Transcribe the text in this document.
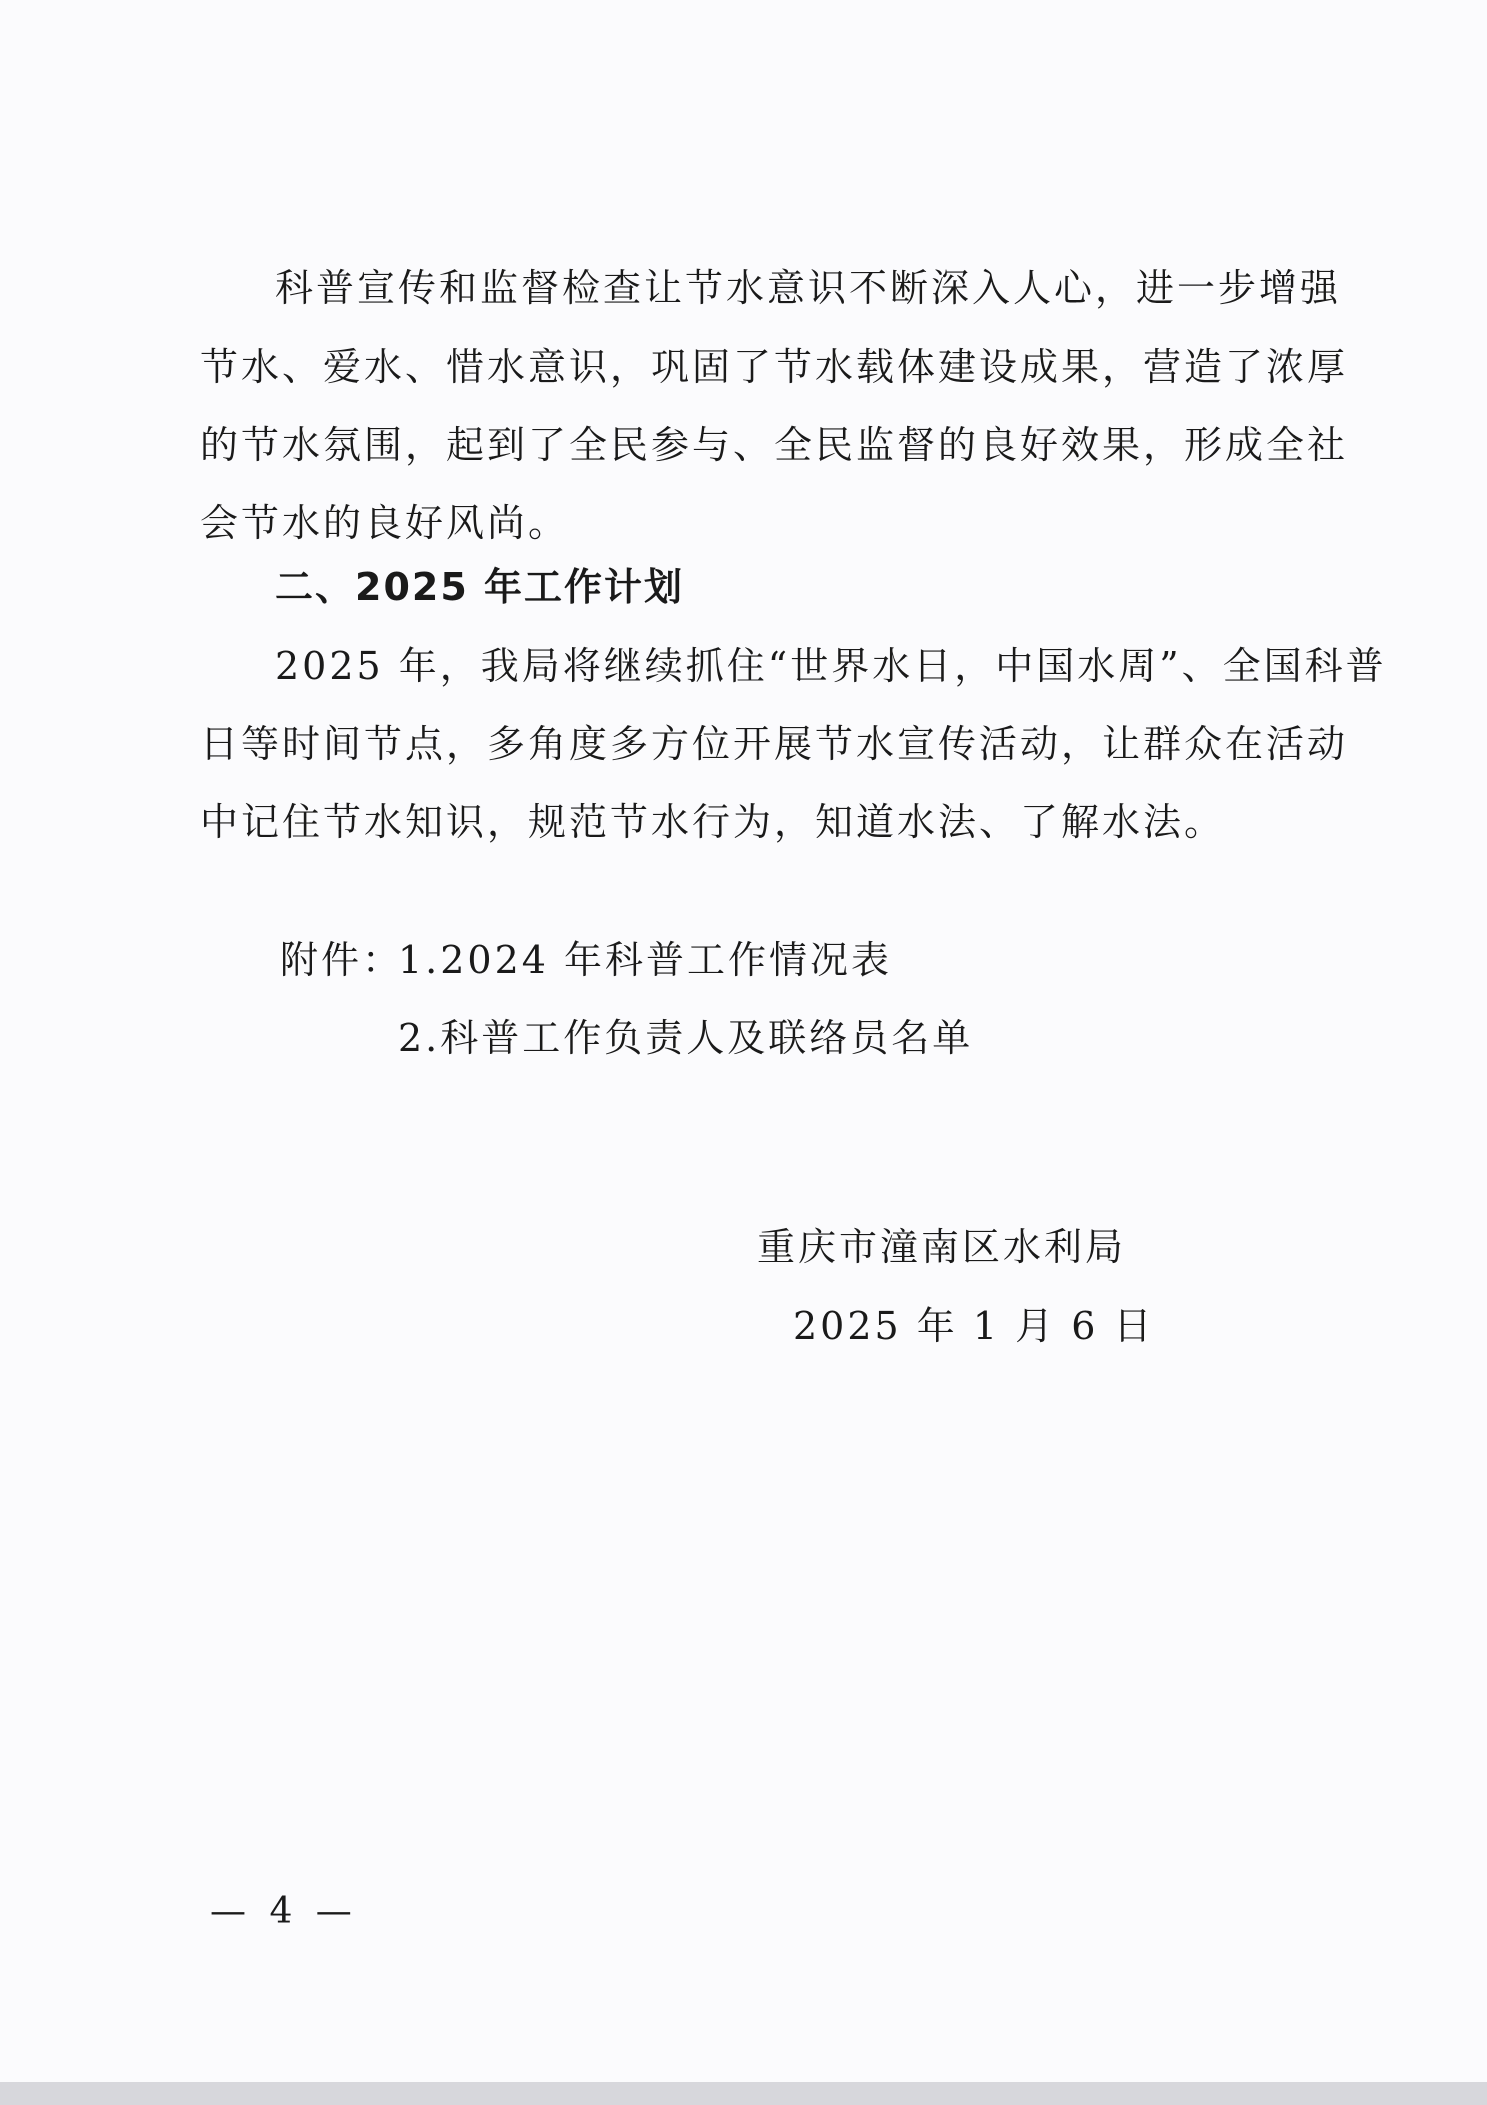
科普宣传和监督检查让节水意识不断深入人心，进一步增强
节水、爱水、惜水意识，巩固了节水载体建设成果，营造了浓厚
的节水氛围，起到了全民参与、全民监督的良好效果，形成全社
会节水的良好风尚。
二、2025 年工作计划
2025 年，我局将继续抓住“世界水日，中国水周”、全国科普
日等时间节点，多角度多方位开展节水宣传活动，让群众在活动
中记住节水知识，规范节水行为，知道水法、了解水法。
附件：
1.2024 年科普工作情况表
2.科普工作负责人及联络员名单
重庆市潼南区水利局
2025 年 1 月 6 日
— 4 —
